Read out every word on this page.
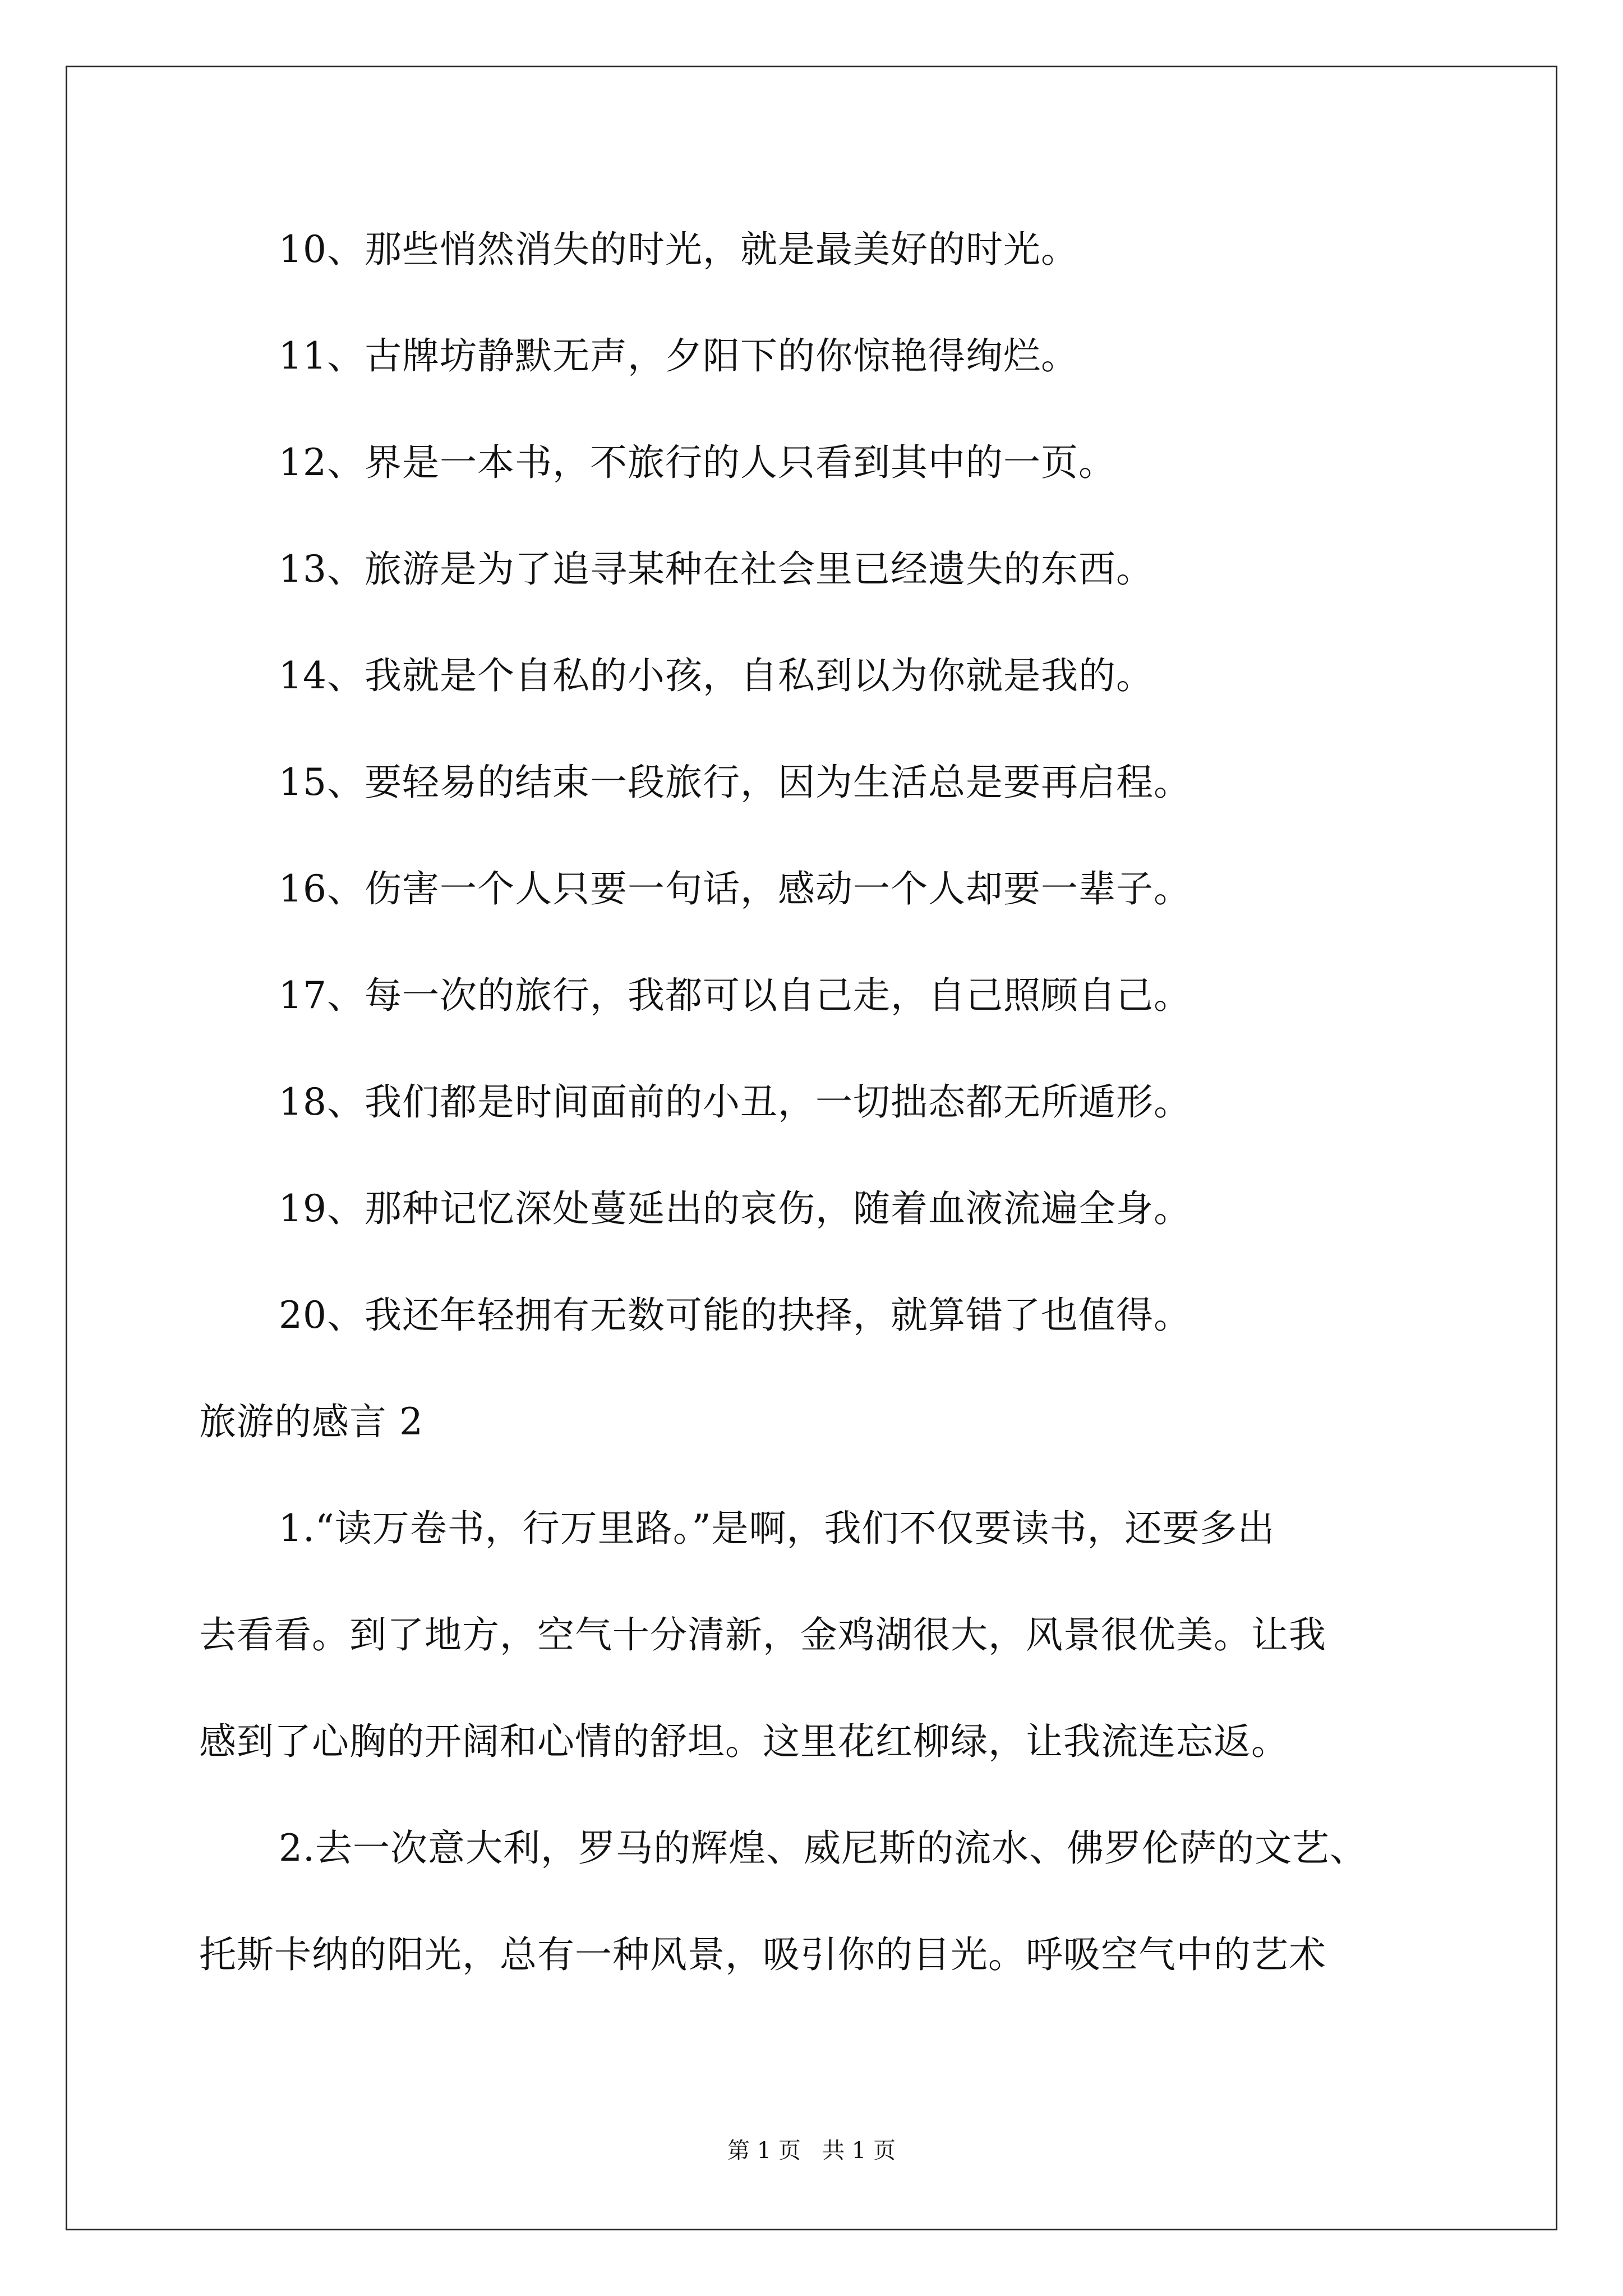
10、那些悄然消失的时光，就是最美好的时光。

11、古牌坊静默无声，夕阳下的你惊艳得绚烂。

12、界是一本书，不旅行的人只看到其中的一页。

13、旅游是为了追寻某种在社会里已经遗失的东西。

14、我就是个自私的小孩，自私到以为你就是我的。

15、要轻易的结束一段旅行，因为生活总是要再启程。

16、伤害一个人只要一句话，感动一个人却要一辈子。

17、每一次的旅行，我都可以自己走，自己照顾自己。

18、我们都是时间面前的小丑，一切拙态都无所遁形。

19、那种记忆深处蔓延出的哀伤，随着血液流遍全身。

20、我还年轻拥有无数可能的抉择，就算错了也值得。

旅游的感言 2

1.“读万卷书，行万里路。”是啊，我们不仅要读书，还要多出

去看看。到了地方，空气十分清新，金鸡湖很大，风景很优美。让我

感到了心胸的开阔和心情的舒坦。这里花红柳绿，让我流连忘返。

2.去一次意大利，罗马的辉煌、威尼斯的流水、佛罗伦萨的文艺、

托斯卡纳的阳光，总有一种风景，吸引你的目光。呼吸空气中的艺术

第 1 页   共 1 页
